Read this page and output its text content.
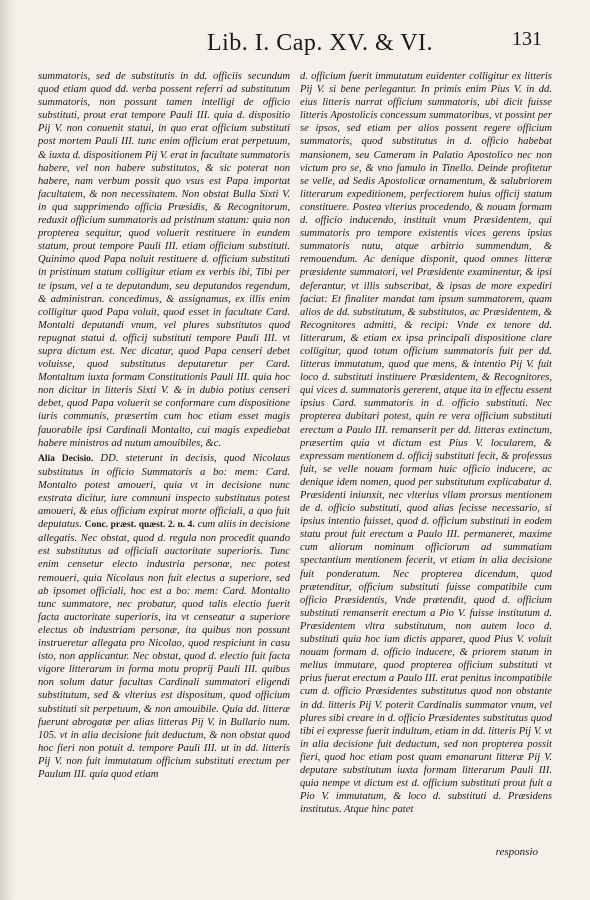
Lib. I. Cap. XV. & VI.	131

summatoris, sed de substitutis in dd. officiis secundum quod etiam quod dd. verba possent referri ad substitutum summatoris, non possunt tamen intelligi de officio substituti, prout erat tempore Pauli III. quia d. dispositio Pij V. non conuenit statui, in quo erat officium substituti post mortem Pauli III. tunc enim officium erat perpetuum, & iuxta d. dispositionem Pij V. erat in facultate summatoris habere, vel non habere substitutos, & sic poterat non habere, nam verbum possit quo vsus est Papa importat facultatem, & non necessitatem. Non obstat Bulla Sixti V. in qua supprimendo officia Præsidis, & Recognitorum, reduxit officium summatoris ad pristinum statum: quia non propterea sequitur, quod voluerit restituere in eundem statum, prout tempore Pauli III. etiam officium substituti. Quinimo quod Papa noluit restituere d. officium substituti in pristinum statum colligitur etiam ex verbis ibi, Tibi per te ipsum, vel a te deputandum, seu deputandos regendum, & administran. concedimus, & assignamus, ex illis enim colligitur quod Papa voluit, quod esset in facultate Card. Montalti deputandi vnum, vel plures substitutos quod repugnat statui d. officij substituti tempore Pauli III. vt supra dictum est. Nec dicatur, quod Papa censeri debet voluisse, quod substitutus deputaretur per Card. Montaltum iuxta formam Constitutionis Pauli III. quia hoc non dicitur in litteris Sixti V. & in dubio potius censeri debet, quod Papa voluerit se conformare cum dispositione iuris communis, præsertim cum hoc etiam esset magis fauorabile ipsi Cardinali Montalto, cui magis expediebat habere ministros ad nutum amouibiles, &c.

Alia Decisio. DD. steterunt in decisis, quod Nicolaus substitutus in officio Summatoris a bo: mem: Card. Montalto potest amoueri, quia vt in decisione nunc exstrata dicitur, iure communi inspecto substitutus potest amoueri, & eius officium expirat morte officiali, a quo fuit deputatus. Conc. præst. quæst. 2. n. 4. cum aliis in decisione allegatis. Nec obstat, quod d. regula non procedit quando est substitutus ad officiali auctoritate superioris. Tunc enim censetur electo industria personæ, nec potest remoueri, quia Nicolaus non fuit electus a superiore, sed ab ipsomet officiali, hoc est a bo: mem: Card. Montalto tunc summatore, nec probatur, quod talis electio fuerit facta auctoritate superioris, ita vt censeatur a superiore electus ob industriam personæ, ita quibus non possunt instrueretur allegata pro Nicolao, quod respiciunt in casu isto, non applicantur. Nec obstat, quod d. electio fuit facta vigore litterarum in forma motu proprij Pauli III. quibus non solum datur facultas Cardinali summatori eligendi substitutum, sed & vlterius est dispositum, quod officium substituti sit perpetuum, & non amouibile. Quia dd. litteræ fuerunt abrogatæ per alias litteras Pij V. in Bullario num. 105. vt in alia decisione fuit deductum, & non obstat quod hoc fieri non potuit d. tempore Pauli III. ut in dd. litteris Pij V. non fuit immutatum officium substituti erectum per Paulum III. quia quod etiam

d. officium fuerit immutatum euidenter colligitur ex litteris Pij V. si bene perlegantur. In primis enim Pius V. in dd. eius litteris narrat officium summatoris, ubi dicit fuisse litteris Apostolicis concessum summatoribus, vt possint per se ipsos, sed etiam per alios possent regere officium summatoris, quod substitutus in d. officio habebat mansionem, seu Cameram in Palatio Apostolico nec non victum pro se, & vno famulo in Tinello. Deinde profitetur se velle, ad Sedis Apostolicæ ornamentum, & salubriorem litterarum expeditionem, perfectiorem huius officij statum constituere. Postea vlterius procedendo, & nouam formam d. officio inducendo, instituit vnum Præsidentem, qui summatoris pro tempore existentis vices gerens ipsius summatoris nutu, atque arbitrio summendum, & remouendum. Ac denique disponit, quod omnes litteræ præsidente summatori, vel Præsidente examinentur, & ipsi deferantur, vt illis subscribat, & ipsas de more expediri faciat: Et finaliter mandat tam ipsum summatorem, quam alios de dd. substitutum, & substitutos, ac Præsidentem, & Recognitores admitti, & recipi: Vnde ex tenore dd. litterarum, & etiam ex ipsa principali dispositione clare colligitur, quod totum officium summatoris fuit per dd. litteras immutatum, quod que mens, & intentio Pij V. fuit loco d. substituti instituere Præsidentem, & Recognitores, qui vices d. summatoris gererent, atque ita in effectu essent ipsius Card. summatoris in d. officio substituti. Nec propterea dubitari potest, quin re vera officium substituti erectum a Paulo III. remanserit per dd. litteras extinctum, præsertim quia vt dictum est Pius V. locularem, & expressam mentionem d. officij substituti fecit, & professus fuit, se velle nouam formam huic officio inducere, ac denique idem nomen, quod per substitutum explicabatur d. Præsidenti iniunxit, nec vlterius vllam prorsus mentionem de d. officio substituti, quod alias fecisse necessario, si ipsius intentio fuisset, quod d. officium substituti in eodem statu prout fuit erectum a Paulo III. permaneret, maxime cum aliorum nominum officiorum ad summatiam spectantium mentionem fecerit, vt etiam in alia decisione fuit ponderatum. Nec propterea dicendum, quod prætenditur, officium substituti fuisse compatibile cum officio Præsidentis, Vnde prætendit, quod d. officium substituti remanserit erectum a Pio V. fuisse institutum d. Præsidentem vltra substitutum, non autem loco d. substituti quia hoc iam dictis apparet, quod Pius V. voluit nouam formam d. officio inducere, & priorem statum in melius immutare, quod propterea officium substituti vt prius fuerat erectum a Paulo III. erat penitus incompatibile cum d. officio Præsidentes substitutus quod non obstante in dd. litteris Pij V. poterit Cardinalis summator vnum, vel plures sibi creare in d. officio Præsidentes substitutus quod tibi ei expresse fuerit indultum, etiam in dd. litteris Pij V. vt in alia decisione fuit deductum, sed non propterea possit fieri, quod hoc etiam post quam emanarunt litteræ Pij V. deputare substitutum iuxta formam litterarum Pauli III. quia nempe vt dictum est d. officium substituti prout fuit a Pio V. immutatum, & loco d. substituti d. Præsidens institutus. Atque hinc patet

responsio
